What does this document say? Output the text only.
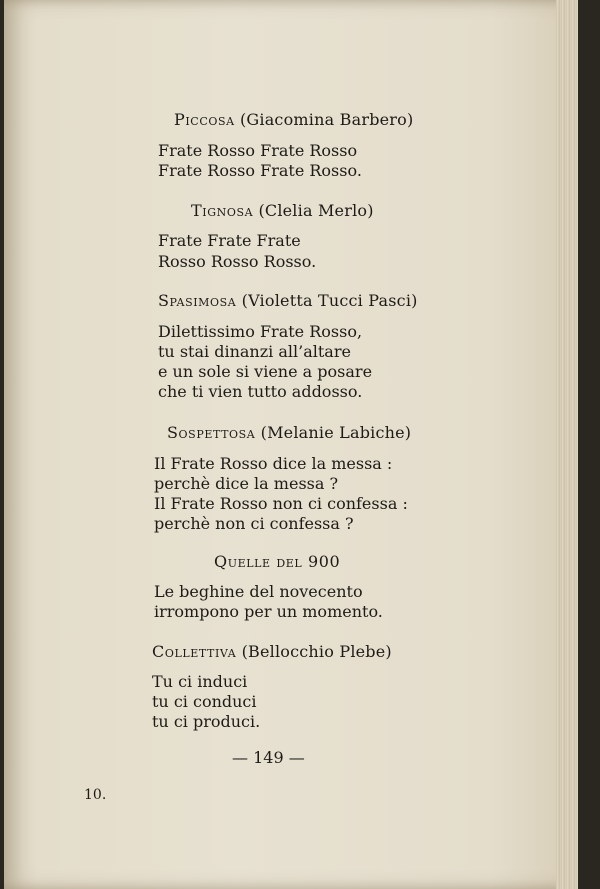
Piccosa (Giacomina Barbero)
Frate Rosso Frate Rosso
Frate Rosso Frate Rosso.
Tignosa (Clelia Merlo)
Frate Frate Frate
Rosso Rosso Rosso.
Spasimosa (Violetta Tucci Pasci)
Dilettissimo Frate Rosso,
tu stai dinanzi all’altare
e un sole si viene a posare
che ti vien tutto addosso.
Sospettosa (Melanie Labiche)
Il Frate Rosso dice la messa :
perchè dice la messa ?
Il Frate Rosso non ci confessa :
perchè non ci confessa ?
Quelle del 900
Le beghine del novecento
irrompono per un momento.
Collettiva (Bellocchio Plebe)
Tu ci induci
tu ci conduci
tu ci produci.
— 149 —
10.
